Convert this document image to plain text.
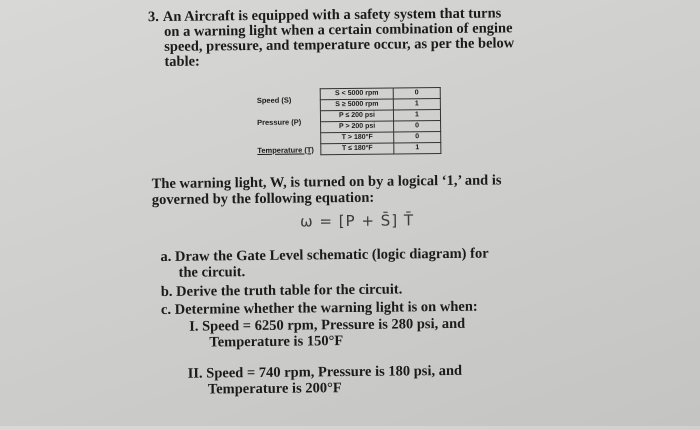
3. An Aircraft is equipped with a safety system that turns
on a warning light when a certain combination of engine
speed, pressure, and temperature occur, as per the below
table:
Speed (S)	S < 5000 rpm	0
	S ≥ 5000 rpm	1
Pressure (P)	P ≤ 200 psi	1
	P > 200 psi	0
Temperature (T)	T > 180°F	0
	T ≤ 180°F	1
The warning light, W, is turned on by a logical ‘1,’ and is
governed by the following equation:
ω = [P + S̄] T̄
a. Draw the Gate Level schematic (logic diagram) for
the circuit.
b. Derive the truth table for the circuit.
c. Determine whether the warning light is on when:
I. Speed = 6250 rpm, Pressure is 280 psi, and
Temperature is 150°F
II. Speed = 740 rpm, Pressure is 180 psi, and
Temperature is 200°F
